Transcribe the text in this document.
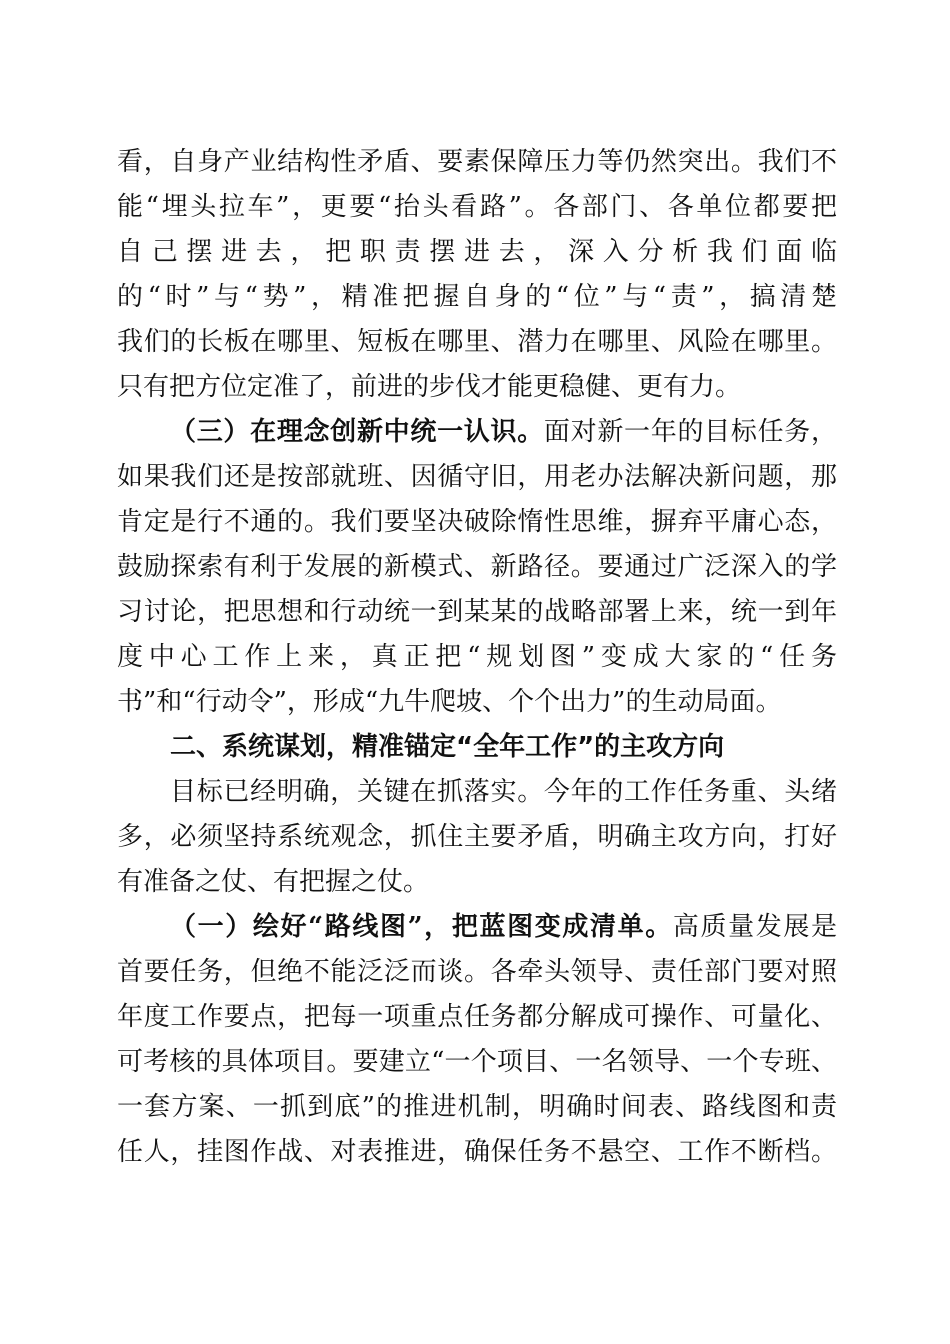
看，自身产业结构性矛盾、要素保障压力等仍然突出。我们不
能“埋头拉车”，更要“抬头看路”。各部门、各单位都要把
自己摆进去，把职责摆进去，深入分析我们面临
的“时”与“势”，精准把握自身的“位”与“责”，搞清楚
我们的长板在哪里、短板在哪里、潜力在哪里、风险在哪里。
只有把方位定准了，前进的步伐才能更稳健、更有力。
（三）在理念创新中统一认识。面对新一年的目标任务，
如果我们还是按部就班、因循守旧，用老办法解决新问题，那
肯定是行不通的。我们要坚决破除惰性思维，摒弃平庸心态，
鼓励探索有利于发展的新模式、新路径。要通过广泛深入的学
习讨论，把思想和行动统一到某某的战略部署上来，统一到年
度中心工作上来，真正把“规划图”变成大家的“任务
书”和“行动令”，形成“九牛爬坡、个个出力”的生动局面。
二、系统谋划，精准锚定“全年工作”的主攻方向
目标已经明确，关键在抓落实。今年的工作任务重、头绪
多，必须坚持系统观念，抓住主要矛盾，明确主攻方向，打好
有准备之仗、有把握之仗。
（一）绘好“路线图”，把蓝图变成清单。高质量发展是
首要任务，但绝不能泛泛而谈。各牵头领导、责任部门要对照
年度工作要点，把每一项重点任务都分解成可操作、可量化、
可考核的具体项目。要建立“一个项目、一名领导、一个专班、
一套方案、一抓到底”的推进机制，明确时间表、路线图和责
任人，挂图作战、对表推进，确保任务不悬空、工作不断档。
